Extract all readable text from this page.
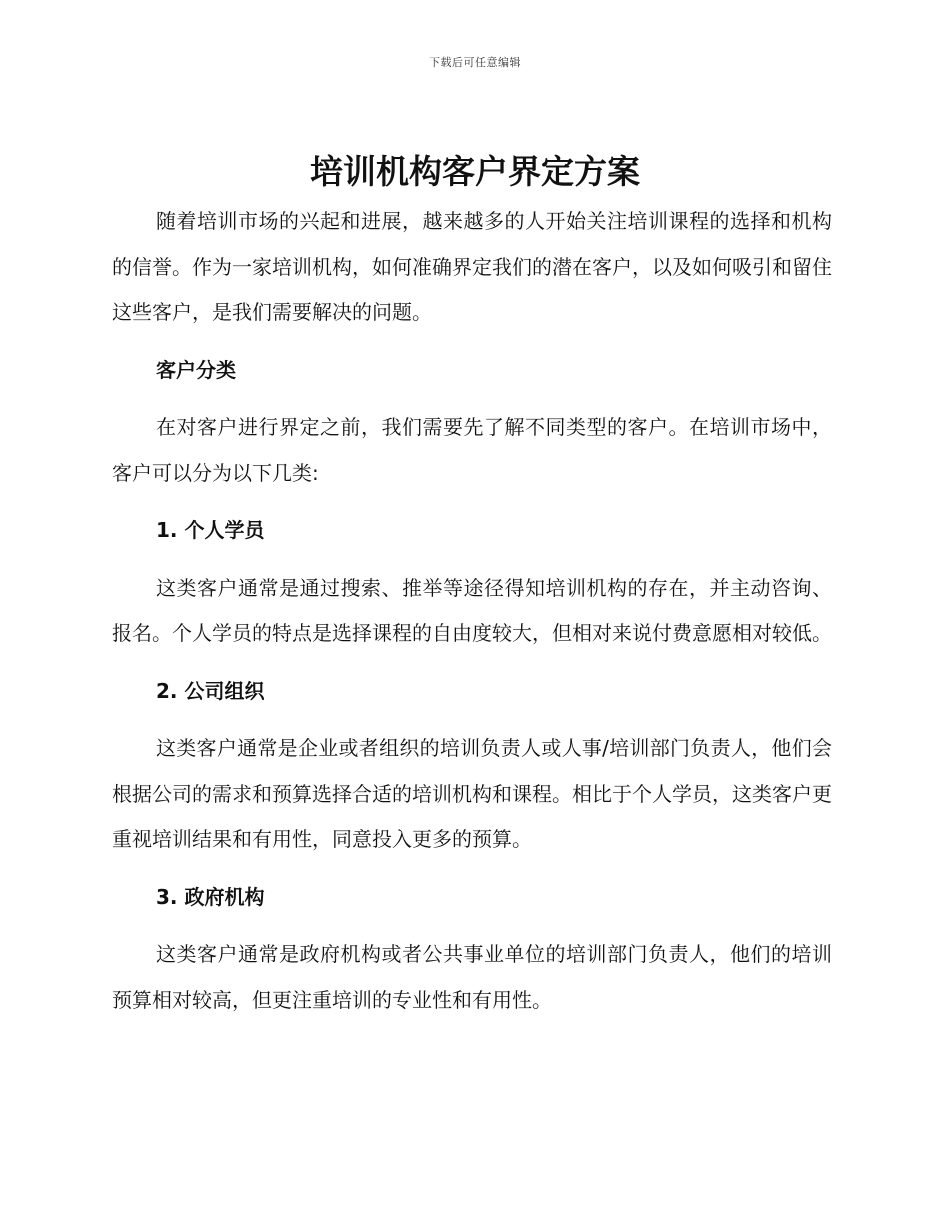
下载后可任意编辑
培训机构客户界定方案

随着培训市场的兴起和进展，越来越多的人开始关注培训课程的选择和机构的信誉。作为一家培训机构，如何准确界定我们的潜在客户，以及如何吸引和留住这些客户，是我们需要解决的问题。

客户分类

在对客户进行界定之前，我们需要先了解不同类型的客户。在培训市场中，客户可以分为以下几类:

1. 个人学员

这类客户通常是通过搜索、推举等途径得知培训机构的存在，并主动咨询、报名。个人学员的特点是选择课程的自由度较大，但相对来说付费意愿相对较低。

2. 公司组织

这类客户通常是企业或者组织的培训负责人或人事/培训部门负责人，他们会根据公司的需求和预算选择合适的培训机构和课程。相比于个人学员，这类客户更重视培训结果和有用性，同意投入更多的预算。

3. 政府机构

这类客户通常是政府机构或者公共事业单位的培训部门负责人，他们的培训预算相对较高，但更注重培训的专业性和有用性。
